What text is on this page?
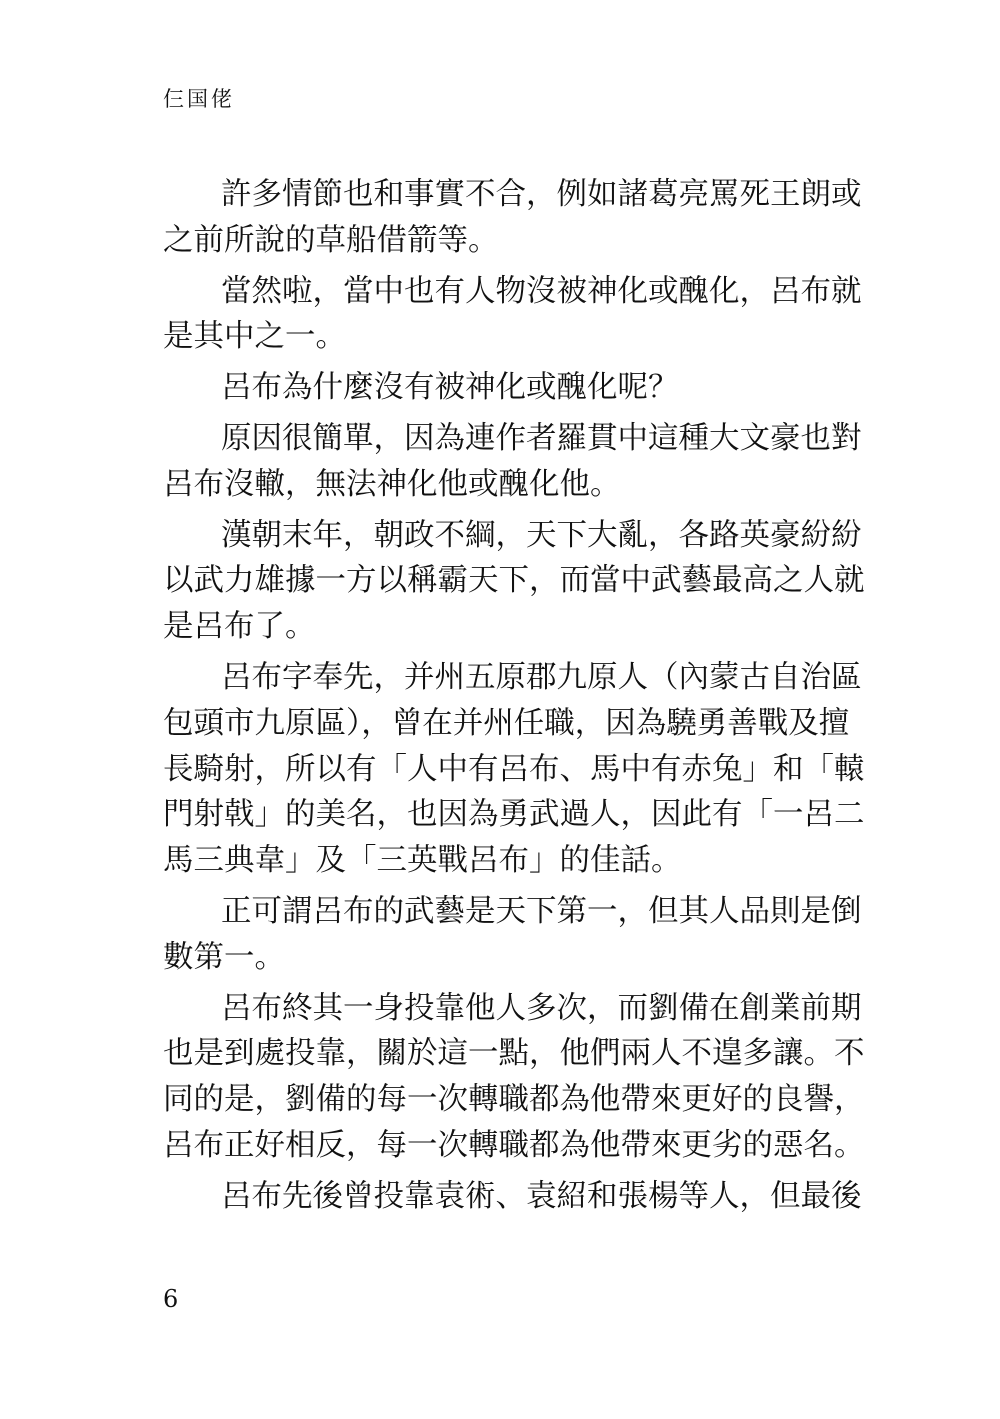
仨国佬

許多情節也和事實不合，例如諸葛亮罵死王朗或
之前所說的草船借箭等。

當然啦，當中也有人物沒被神化或醜化，呂布就
是其中之一。

呂布為什麼沒有被神化或醜化呢？

原因很簡單，因為連作者羅貫中這種大文豪也對
呂布沒轍，無法神化他或醜化他。

漢朝末年，朝政不綱，天下大亂，各路英豪紛紛
以武力雄據一方以稱霸天下，而當中武藝最高之人就
是呂布了。

呂布字奉先，并州五原郡九原人（內蒙古自治區
包頭市九原區），曾在并州任職，因為驍勇善戰及擅
長騎射，所以有「人中有呂布、馬中有赤兔」和「轅
門射戟」的美名，也因為勇武過人，因此有「一呂二
馬三典韋」及「三英戰呂布」的佳話。

正可謂呂布的武藝是天下第一，但其人品則是倒
數第一。

呂布終其一身投靠他人多次，而劉備在創業前期
也是到處投靠，關於這一點，他們兩人不遑多讓。不
同的是，劉備的每一次轉職都為他帶來更好的良譽，
呂布正好相反，每一次轉職都為他帶來更劣的惡名。

呂布先後曾投靠袁術、袁紹和張楊等人，但最後

6
